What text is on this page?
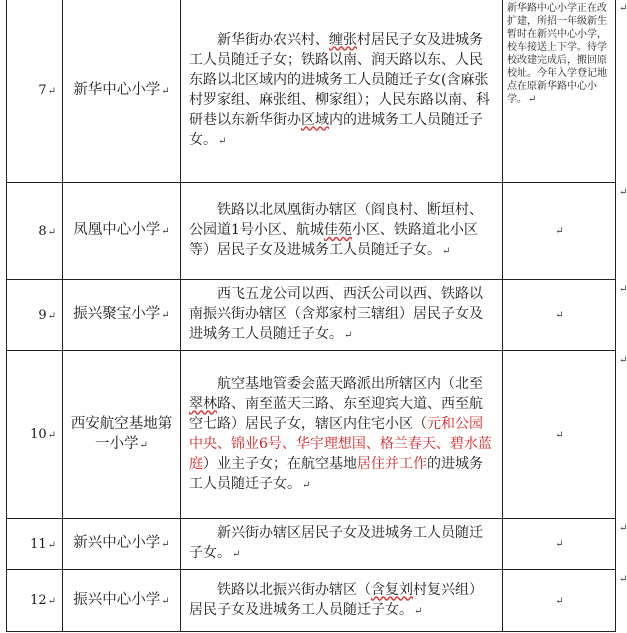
7↵	新华中心小学↵	新华街办农兴村、缠张村居民子女及进城务工人员随迁子女；铁路以南、润天路以东、人民东路以北区域内的进城务工人员随迁子女(含麻张村罗家组、麻张组、柳家组）；人民东路以南、科研巷以东新华街办区域内的进城务工人员随迁子女。↵	新华路中心小学正在改扩建，所招一年级新生暂时在新兴中心小学，校车接送上下学。待学校改建完成后，搬回原校址。今年入学登记地点在原新华路中心小学。↵	↵

8↵	凤凰中心小学↵	铁路以北凤凰街办辖区（阎良村、断垣村、公园道1号小区、航城佳苑小区、铁路道北小区等）居民子女及进城务工人员随迁子女。↵	↵	↵

9↵	振兴聚宝小学↵	西飞五龙公司以西、西沃公司以西、铁路以南振兴街办辖区（含郑家村三辖组）居民子女及进城务工人员随迁子女。↵	↵	↵

10↵	西安航空基地第一小学↵	航空基地管委会蓝天路派出所辖区内（北至翠林路、南至蓝天三路、东至迎宾大道、西至航空七路）居民子女，辖区内住宅小区（元和公园中央、锦业6号、华宇理想国、格兰春天、碧水蓝庭）业主子女；在航空基地居住并工作的进城务工人员随迁子女。↵	↵	↵

11↵	新兴中心小学↵	新兴街办辖区居民子女及进城务工人员随迁子女。↵	↵	↵

12↵	振兴中心小学↵	铁路以北振兴街办辖区（含复刘村复兴组）居民子女及进城务工人员随迁子女。↵	↵	↵
